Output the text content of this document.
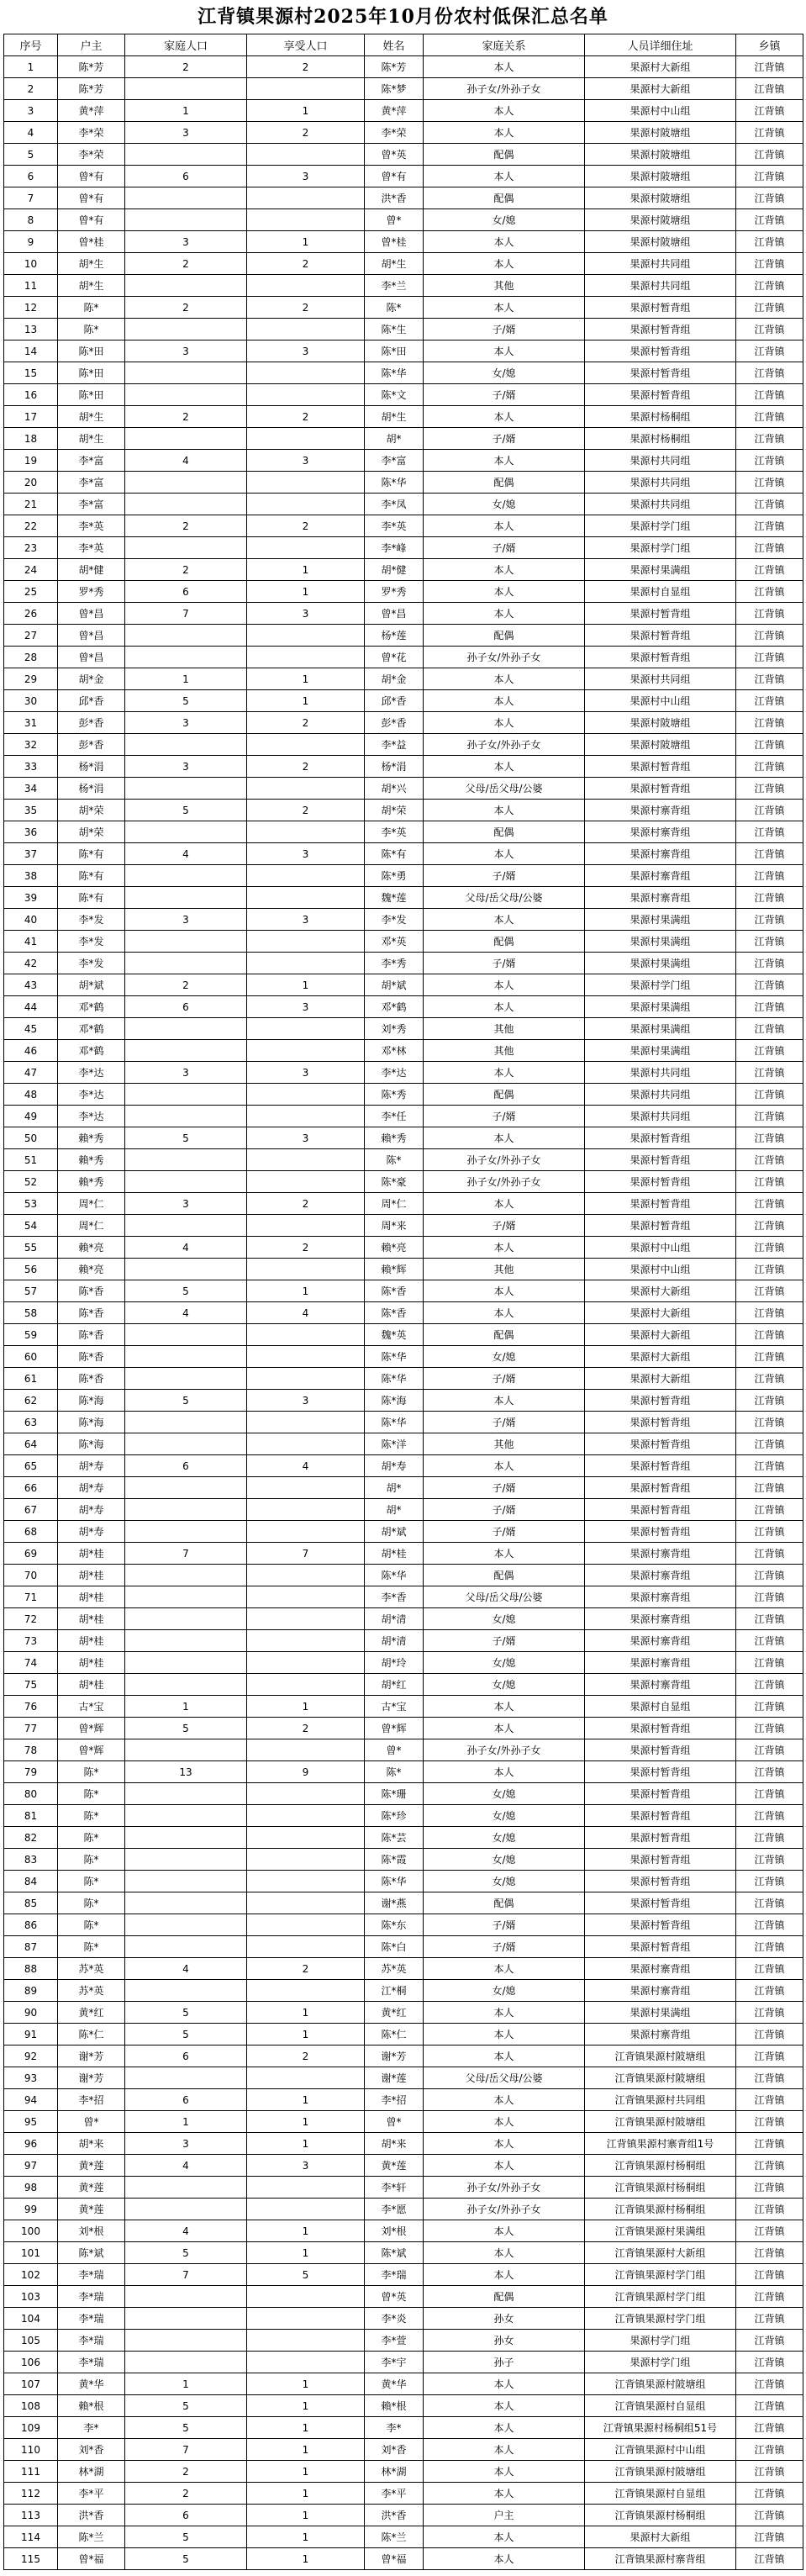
江背镇果源村2025年10月份农村低保汇总名单
序号	户主	家庭人口	享受人口	姓名	家庭关系	人员详细住址	乡镇
1	陈*芳	2	2	陈*芳	本人	果源村大新组	江背镇
2	陈*芳			陈*梦	孙子女/外孙子女	果源村大新组	江背镇
3	黄*萍	1	1	黄*萍	本人	果源村中山组	江背镇
4	李*荣	3	2	李*荣	本人	果源村陂塘组	江背镇
5	李*荣			曾*英	配偶	果源村陂塘组	江背镇
6	曾*有	6	3	曾*有	本人	果源村陂塘组	江背镇
7	曾*有			洪*香	配偶	果源村陂塘组	江背镇
8	曾*有			曾*	女/媳	果源村陂塘组	江背镇
9	曾*桂	3	1	曾*桂	本人	果源村陂塘组	江背镇
10	胡*生	2	2	胡*生	本人	果源村共同组	江背镇
11	胡*生			李*兰	其他	果源村共同组	江背镇
12	陈*	2	2	陈*	本人	果源村暂背组	江背镇
13	陈*			陈*生	子/婿	果源村暂背组	江背镇
14	陈*田	3	3	陈*田	本人	果源村暂背组	江背镇
15	陈*田			陈*华	女/媳	果源村暂背组	江背镇
16	陈*田			陈*文	子/婿	果源村暂背组	江背镇
17	胡*生	2	2	胡*生	本人	果源村杨桐组	江背镇
18	胡*生			胡*	子/婿	果源村杨桐组	江背镇
19	李*富	4	3	李*富	本人	果源村共同组	江背镇
20	李*富			陈*华	配偶	果源村共同组	江背镇
21	李*富			李*凤	女/媳	果源村共同组	江背镇
22	李*英	2	2	李*英	本人	果源村学门组	江背镇
23	李*英			李*峰	子/婿	果源村学门组	江背镇
24	胡*健	2	1	胡*健	本人	果源村果满组	江背镇
25	罗*秀	6	1	罗*秀	本人	果源村自显组	江背镇
26	曾*昌	7	3	曾*昌	本人	果源村暂背组	江背镇
27	曾*昌			杨*莲	配偶	果源村暂背组	江背镇
28	曾*昌			曾*花	孙子女/外孙子女	果源村暂背组	江背镇
29	胡*金	1	1	胡*金	本人	果源村共同组	江背镇
30	邱*香	5	1	邱*香	本人	果源村中山组	江背镇
31	彭*香	3	2	彭*香	本人	果源村陂塘组	江背镇
32	彭*香			李*益	孙子女/外孙子女	果源村陂塘组	江背镇
33	杨*涓	3	2	杨*涓	本人	果源村暂背组	江背镇
34	杨*涓			胡*兴	父母/岳父母/公婆	果源村暂背组	江背镇
35	胡*荣	5	2	胡*荣	本人	果源村寨背组	江背镇
36	胡*荣			李*英	配偶	果源村寨背组	江背镇
37	陈*有	4	3	陈*有	本人	果源村寨背组	江背镇
38	陈*有			陈*勇	子/婿	果源村寨背组	江背镇
39	陈*有			魏*莲	父母/岳父母/公婆	果源村寨背组	江背镇
40	李*发	3	3	李*发	本人	果源村果满组	江背镇
41	李*发			邓*英	配偶	果源村果满组	江背镇
42	李*发			李*秀	子/婿	果源村果满组	江背镇
43	胡*斌	2	1	胡*斌	本人	果源村学门组	江背镇
44	邓*鹤	6	3	邓*鹤	本人	果源村果满组	江背镇
45	邓*鹤			刘*秀	其他	果源村果满组	江背镇
46	邓*鹤			邓*林	其他	果源村果满组	江背镇
47	李*达	3	3	李*达	本人	果源村共同组	江背镇
48	李*达			陈*秀	配偶	果源村共同组	江背镇
49	李*达			李*任	子/婿	果源村共同组	江背镇
50	賴*秀	5	3	賴*秀	本人	果源村暂背组	江背镇
51	賴*秀			陈*	孙子女/外孙子女	果源村暂背组	江背镇
52	賴*秀			陈*豪	孙子女/外孙子女	果源村暂背组	江背镇
53	周*仁	3	2	周*仁	本人	果源村暂背组	江背镇
54	周*仁			周*来	子/婿	果源村暂背组	江背镇
55	賴*亮	4	2	賴*亮	本人	果源村中山组	江背镇
56	賴*亮			賴*辉	其他	果源村中山组	江背镇
57	陈*香	5	1	陈*香	本人	果源村大新组	江背镇
58	陈*香	4	4	陈*香	本人	果源村大新组	江背镇
59	陈*香			魏*英	配偶	果源村大新组	江背镇
60	陈*香			陈*华	女/媳	果源村大新组	江背镇
61	陈*香			陈*华	子/婿	果源村大新组	江背镇
62	陈*海	5	3	陈*海	本人	果源村暂背组	江背镇
63	陈*海			陈*华	子/婿	果源村暂背组	江背镇
64	陈*海			陈*洋	其他	果源村暂背组	江背镇
65	胡*寿	6	4	胡*寿	本人	果源村暂背组	江背镇
66	胡*寿			胡*	子/婿	果源村暂背组	江背镇
67	胡*寿			胡*	子/婿	果源村暂背组	江背镇
68	胡*寿			胡*斌	子/婿	果源村暂背组	江背镇
69	胡*桂	7	7	胡*桂	本人	果源村寨背组	江背镇
70	胡*桂			陈*华	配偶	果源村寨背组	江背镇
71	胡*桂			李*香	父母/岳父母/公婆	果源村寨背组	江背镇
72	胡*桂			胡*清	女/媳	果源村寨背组	江背镇
73	胡*桂			胡*清	子/婿	果源村寨背组	江背镇
74	胡*桂			胡*玲	女/媳	果源村寨背组	江背镇
75	胡*桂			胡*红	女/媳	果源村寨背组	江背镇
76	古*宝	1	1	古*宝	本人	果源村自显组	江背镇
77	曾*辉	5	2	曾*辉	本人	果源村暂背组	江背镇
78	曾*辉			曾*	孙子女/外孙子女	果源村暂背组	江背镇
79	陈*	13	9	陈*	本人	果源村暂背组	江背镇
80	陈*			陈*珊	女/媳	果源村暂背组	江背镇
81	陈*			陈*珍	女/媳	果源村暂背组	江背镇
82	陈*			陈*芸	女/媳	果源村暂背组	江背镇
83	陈*			陈*霞	女/媳	果源村暂背组	江背镇
84	陈*			陈*华	女/媳	果源村暂背组	江背镇
85	陈*			谢*燕	配偶	果源村暂背组	江背镇
86	陈*			陈*东	子/婿	果源村暂背组	江背镇
87	陈*			陈*白	子/婿	果源村暂背组	江背镇
88	苏*英	4	2	苏*英	本人	果源村寨背组	江背镇
89	苏*英			江*桐	女/媳	果源村寨背组	江背镇
90	黄*红	5	1	黄*红	本人	果源村果满组	江背镇
91	陈*仁	5	1	陈*仁	本人	果源村寨背组	江背镇
92	谢*芳	6	2	谢*芳	本人	江背镇果源村陂塘组	江背镇
93	谢*芳			谢*莲	父母/岳父母/公婆	江背镇果源村陂塘组	江背镇
94	李*招	6	1	李*招	本人	江背镇果源村共同组	江背镇
95	曾*	1	1	曾*	本人	江背镇果源村陂塘组	江背镇
96	胡*来	3	1	胡*来	本人	江背镇果源村寨背组1号	江背镇
97	黄*莲	4	3	黄*莲	本人	江背镇果源村杨桐组	江背镇
98	黄*莲			李*轩	孙子女/外孙子女	江背镇果源村杨桐组	江背镇
99	黄*莲			李*愿	孙子女/外孙子女	江背镇果源村杨桐组	江背镇
100	刘*根	4	1	刘*根	本人	江背镇果源村果满组	江背镇
101	陈*斌	5	1	陈*斌	本人	江背镇果源村大新组	江背镇
102	李*瑞	7	5	李*瑞	本人	江背镇果源村学门组	江背镇
103	李*瑞			曾*英	配偶	江背镇果源村学门组	江背镇
104	李*瑞			李*炎	孙女	江背镇果源村学门组	江背镇
105	李*瑞			李*萱	孙女	果源村学门组	江背镇
106	李*瑞			李*宇	孙子	果源村学门组	江背镇
107	黄*华	1	1	黄*华	本人	江背镇果源村陂塘组	江背镇
108	賴*根	5	1	賴*根	本人	江背镇果源村自显组	江背镇
109	李*	5	1	李*	本人	江背镇果源村杨桐组51号	江背镇
110	刘*香	7	1	刘*香	本人	江背镇果源村中山组	江背镇
111	林*湖	2	1	林*湖	本人	江背镇果源村陂塘组	江背镇
112	李*平	2	1	李*平	本人	江背镇果源村自显组	江背镇
113	洪*香	6	1	洪*香	户主	江背镇果源村杨桐组	江背镇
114	陈*兰	5	1	陈*兰	本人	果源村大新组	江背镇
115	曾*福	5	1	曾*福	本人	江背镇果源村寨背组	江背镇
